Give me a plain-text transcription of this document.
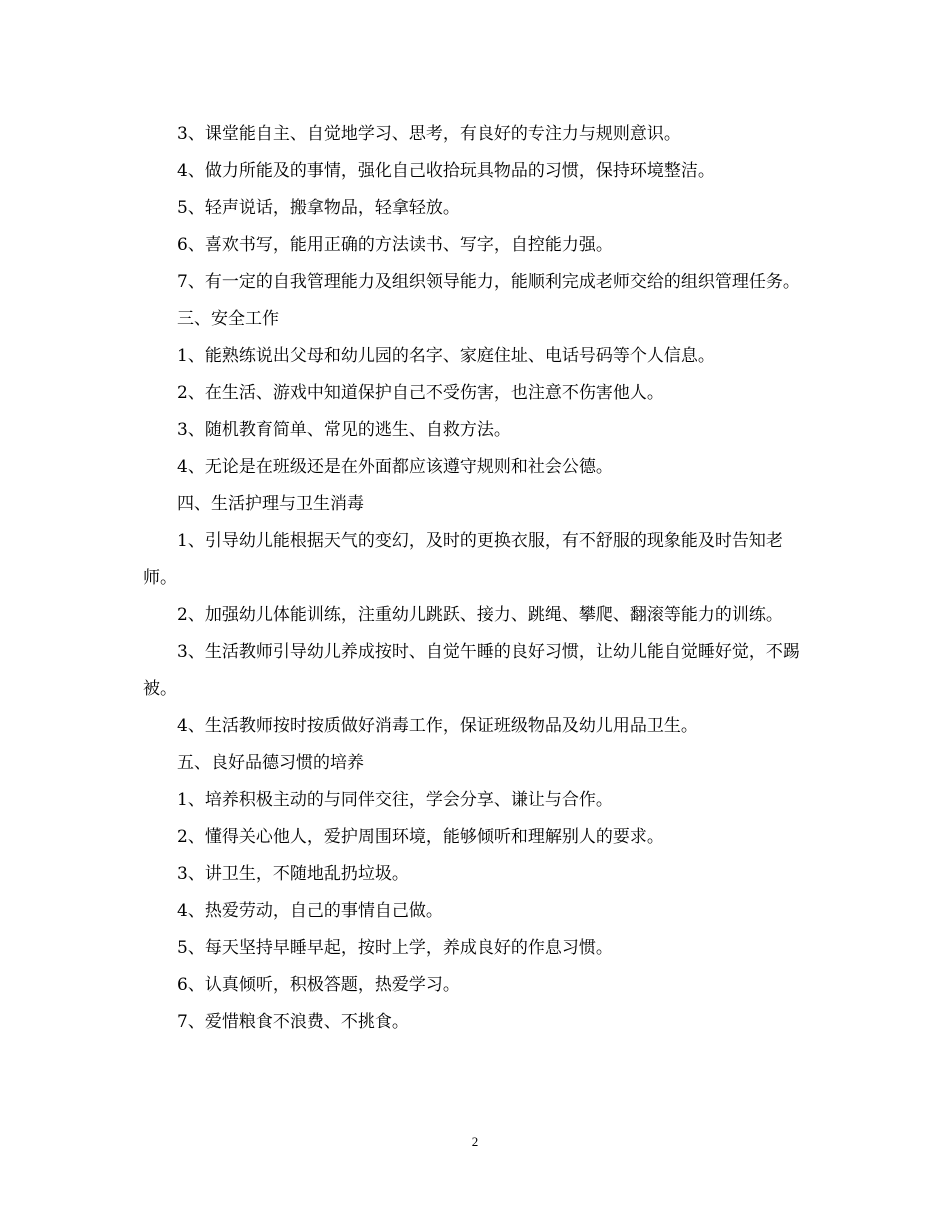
3、课堂能自主、自觉地学习、思考，有良好的专注力与规则意识。

4、做力所能及的事情，强化自己收拾玩具物品的习惯，保持环境整洁。

5、轻声说话，搬拿物品，轻拿轻放。

6、喜欢书写，能用正确的方法读书、写字，自控能力强。

7、有一定的自我管理能力及组织领导能力，能顺利完成老师交给的组织管理任务。

三、安全工作

1、能熟练说出父母和幼儿园的名字、家庭住址、电话号码等个人信息。

2、在生活、游戏中知道保护自己不受伤害，也注意不伤害他人。

3、随机教育简单、常见的逃生、自救方法。

4、无论是在班级还是在外面都应该遵守规则和社会公德。

四、生活护理与卫生消毒

1、引导幼儿能根据天气的变幻，及时的更换衣服，有不舒服的现象能及时告知老师。

2、加强幼儿体能训练，注重幼儿跳跃、接力、跳绳、攀爬、翻滚等能力的训练。

3、生活教师引导幼儿养成按时、自觉午睡的良好习惯，让幼儿能自觉睡好觉，不踢被。

4、生活教师按时按质做好消毒工作，保证班级物品及幼儿用品卫生。

五、良好品德习惯的培养

1、培养积极主动的与同伴交往，学会分享、谦让与合作。

2、懂得关心他人，爱护周围环境，能够倾听和理解别人的要求。

3、讲卫生，不随地乱扔垃圾。

4、热爱劳动，自己的事情自己做。

5、每天坚持早睡早起，按时上学，养成良好的作息习惯。

6、认真倾听，积极答题，热爱学习。

7、爱惜粮食不浪费、不挑食。

2
